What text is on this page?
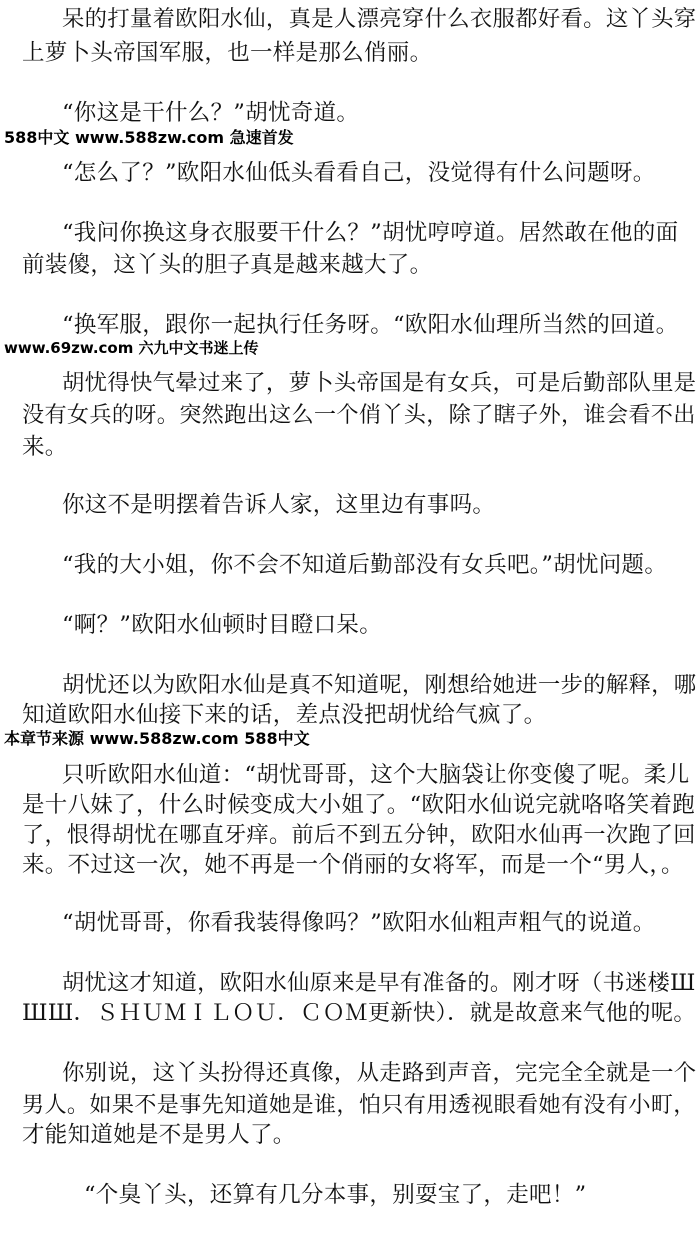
呆的打量着欧阳水仙，真是人漂亮穿什么衣服都好看。这丫头穿
上萝卜头帝国军服，也一样是那么俏丽。
“你这是干什么？”胡忧奇道。
588中文 www.588zw.com 急速首发
“怎么了？”欧阳水仙低头看看自己，没觉得有什么问题呀。
“我问你换这身衣服要干什么？”胡忧哼哼道。居然敢在他的面
前装傻，这丫头的胆子真是越来越大了。
“换军服，跟你一起执行任务呀。“欧阳水仙理所当然的回道。
www.69zw.com 六九中文书迷上传
胡忧得快气晕过来了，萝卜头帝国是有女兵，可是后勤部队里是
没有女兵的呀。突然跑出这么一个俏丫头，除了瞎子外，谁会看不出
来。
你这不是明摆着告诉人家，这里边有事吗。
“我的大小姐，你不会不知道后勤部没有女兵吧。”胡忧问题。
“啊？”欧阳水仙顿时目瞪口呆。
胡忧还以为欧阳水仙是真不知道呢，刚想给她进一步的解释，哪
知道欧阳水仙接下来的话，差点没把胡忧给气疯了。
本章节来源 www.588zw.com 588中文
只听欧阳水仙道：“胡忧哥哥，这个大脑袋让你变傻了呢。柔儿
是十八妹了，什么时候变成大小姐了。“欧阳水仙说完就咯咯笑着跑
了，恨得胡忧在哪直牙痒。前后不到五分钟，欧阳水仙再一次跑了回
来。不过这一次，她不再是一个俏丽的女将军，而是一个“男人，。
“胡忧哥哥，你看我装得像吗？”欧阳水仙粗声粗气的说道。
胡忧这才知道，欧阳水仙原来是早有准备的。刚才呀（书迷楼Ш
ШШ．ＳＨＵＭＩＬＯＵ．ＣＯＭ更新快）．就是故意来气他的呢。
你别说，这丫头扮得还真像，从走路到声音，完完全全就是一个
男人。如果不是事先知道她是谁，怕只有用透视眼看她有没有小町，
才能知道她是不是男人了。
“个臭丫头，还算有几分本事，别耍宝了，走吧！”
